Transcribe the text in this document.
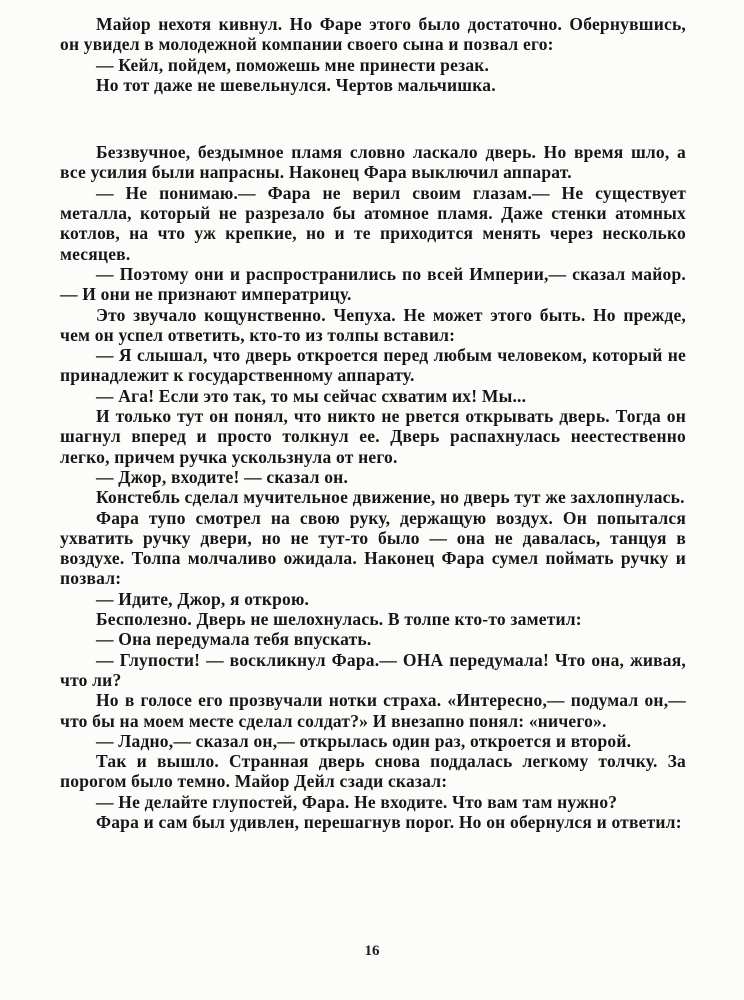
Майор нехотя кивнул. Но Фаре этого было достаточно. Обернувшись, он увидел в молодежной компании своего сына и позвал его:

— Кейл, пойдем, поможешь мне принести резак.

Но тот даже не шевельнулся. Чертов мальчишка.

Беззвучное, бездымное пламя словно ласкало дверь. Но время шло, а все усилия были напрасны. Наконец Фара выключил аппарат.

— Не понимаю.— Фара не верил своим глазам.— Не существует металла, который не разрезало бы атомное пламя. Даже стенки атомных котлов, на что уж крепкие, но и те приходится менять через несколько месяцев.

— Поэтому они и распространились по всей Империи,— сказал майор.— И они не признают императрицу.

Это звучало кощунственно. Чепуха. Не может этого быть. Но прежде, чем он успел ответить, кто-то из толпы вставил:

— Я слышал, что дверь откроется перед любым человеком, который не принадлежит к государственному аппарату.

— Ага! Если это так, то мы сейчас схватим их! Мы...

И только тут он понял, что никто не рвется открывать дверь. Тогда он шагнул вперед и просто толкнул ее. Дверь распахнулась неестественно легко, причем ручка ускользнула от него.

— Джор, входите! — сказал он.

Констебль сделал мучительное движение, но дверь тут же захлопнулась.

Фара тупо смотрел на свою руку, держащую воздух. Он попытался ухватить ручку двери, но не тут-то было — она не давалась, танцуя в воздухе. Толпа молчаливо ожидала. Наконец Фара сумел поймать ручку и позвал:

— Идите, Джор, я открою.

Бесполезно. Дверь не шелохнулась. В толпе кто-то заметил:

— Она передумала тебя впускать.

— Глупости! — воскликнул Фара.— ОНА передумала! Что она, живая, что ли?

Но в голосе его прозвучали нотки страха. «Интересно,— подумал он,— что бы на моем месте сделал солдат?» И внезапно понял: «ничего».

— Ладно,— сказал он,— открылась один раз, откроется и второй.

Так и вышло. Странная дверь снова поддалась легкому толчку. За порогом было темно. Майор Дейл сзади сказал:

— Не делайте глупостей, Фара. Не входите. Что вам там нужно?

Фара и сам был удивлен, перешагнув порог. Но он обернулся и ответил:

16
